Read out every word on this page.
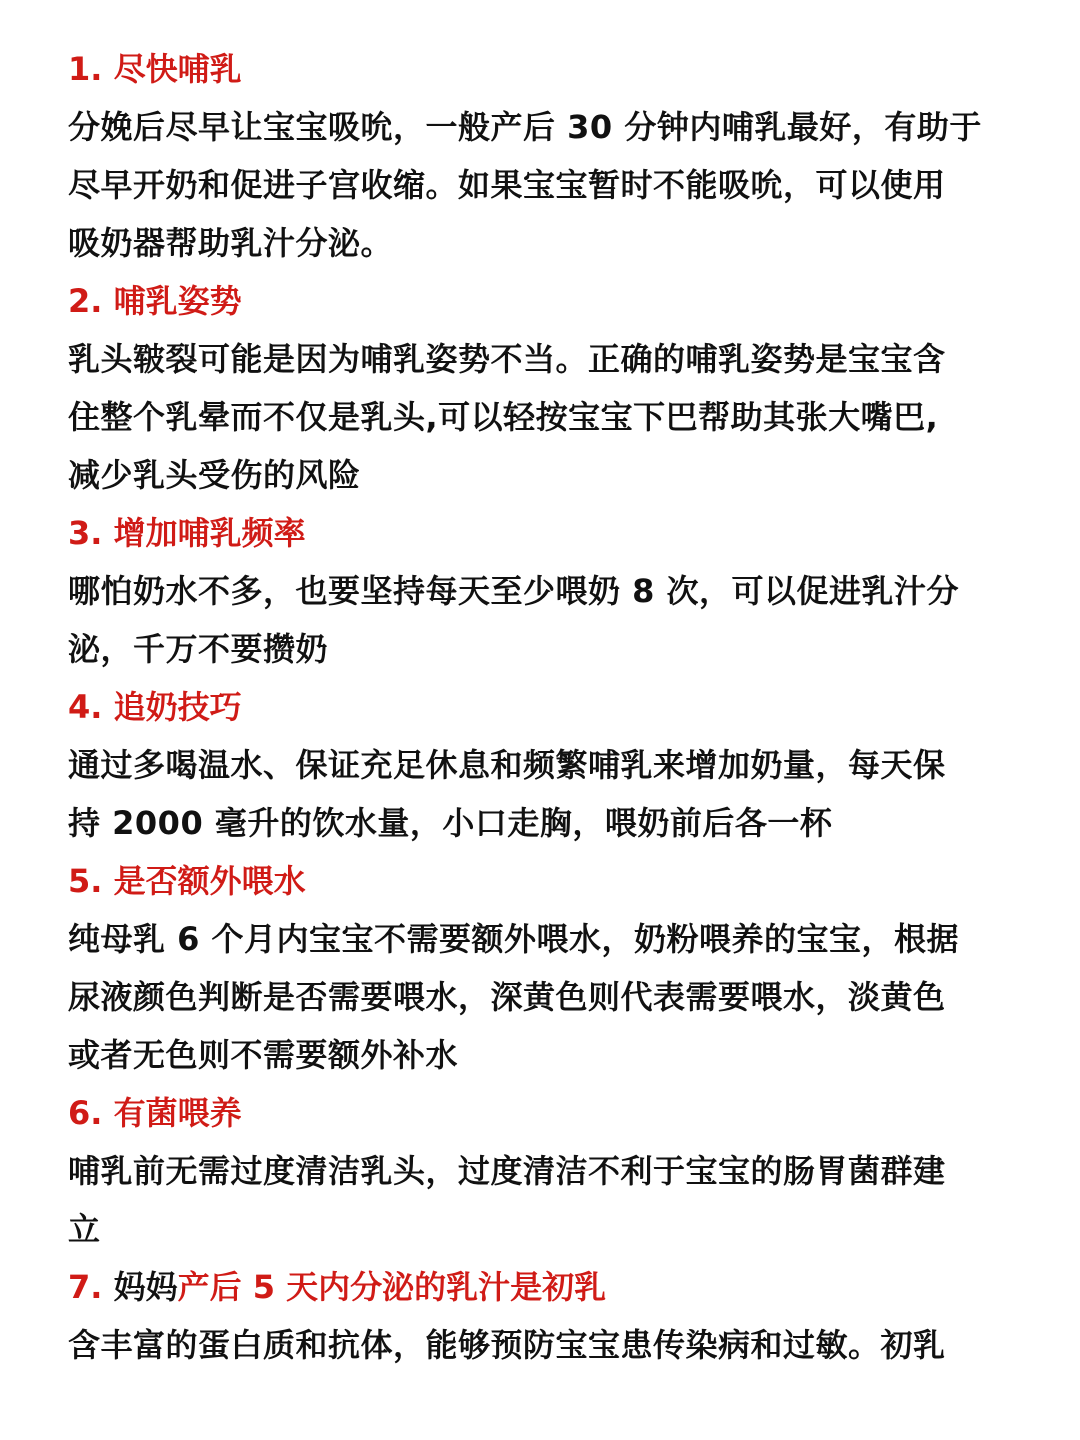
1. 尽快哺乳
分娩后尽早让宝宝吸吮，一般产后 30 分钟内哺乳最好，有助于
尽早开奶和促进子宫收缩。如果宝宝暂时不能吸吮，可以使用
吸奶器帮助乳汁分泌。
2. 哺乳姿势
乳头皲裂可能是因为哺乳姿势不当。正确的哺乳姿势是宝宝含
住整个乳晕而不仅是乳头,可以轻按宝宝下巴帮助其张大嘴巴,
减少乳头受伤的风险
3. 增加哺乳频率
哪怕奶水不多，也要坚持每天至少喂奶 8 次，可以促进乳汁分
泌，千万不要攒奶
4. 追奶技巧
通过多喝温水、保证充足休息和频繁哺乳来增加奶量，每天保
持 2000 毫升的饮水量，小口走胸，喂奶前后各一杯
5. 是否额外喂水
纯母乳 6 个月内宝宝不需要额外喂水，奶粉喂养的宝宝，根据
尿液颜色判断是否需要喂水，深黄色则代表需要喂水，淡黄色
或者无色则不需要额外补水
6. 有菌喂养
哺乳前无需过度清洁乳头，过度清洁不利于宝宝的肠胃菌群建
立
7. 妈妈产后 5 天内分泌的乳汁是初乳
含丰富的蛋白质和抗体，能够预防宝宝患传染病和过敏。初乳
